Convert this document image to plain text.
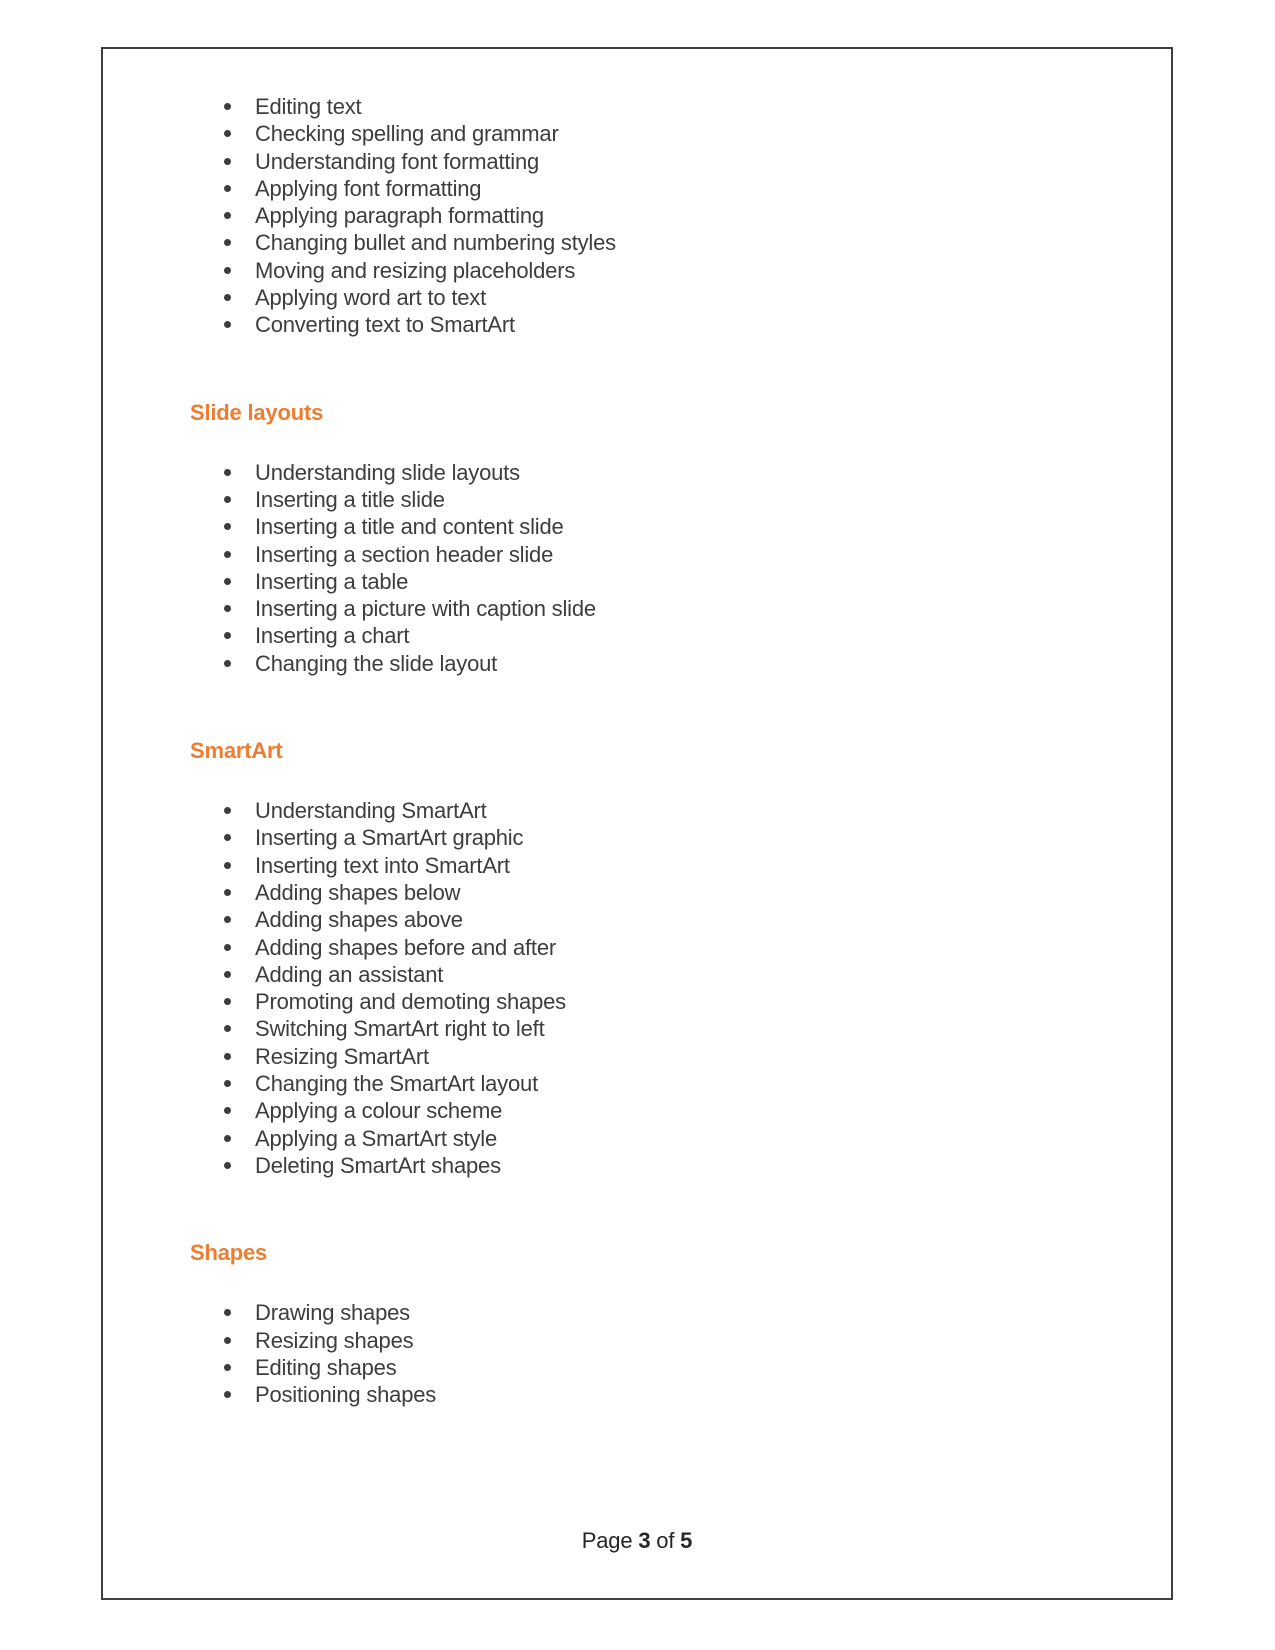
Editing text
Checking spelling and grammar
Understanding font formatting
Applying font formatting
Applying paragraph formatting
Changing bullet and numbering styles
Moving and resizing placeholders
Applying word art to text
Converting text to SmartArt
Slide layouts
Understanding slide layouts
Inserting a title slide
Inserting a title and content slide
Inserting a section header slide
Inserting a table
Inserting a picture with caption slide
Inserting a chart
Changing the slide layout
SmartArt
Understanding SmartArt
Inserting a SmartArt graphic
Inserting text into SmartArt
Adding shapes below
Adding shapes above
Adding shapes before and after
Adding an assistant
Promoting and demoting shapes
Switching SmartArt right to left
Resizing SmartArt
Changing the SmartArt layout
Applying a colour scheme
Applying a SmartArt style
Deleting SmartArt shapes
Shapes
Drawing shapes
Resizing shapes
Editing shapes
Positioning shapes
Page 3 of 5
